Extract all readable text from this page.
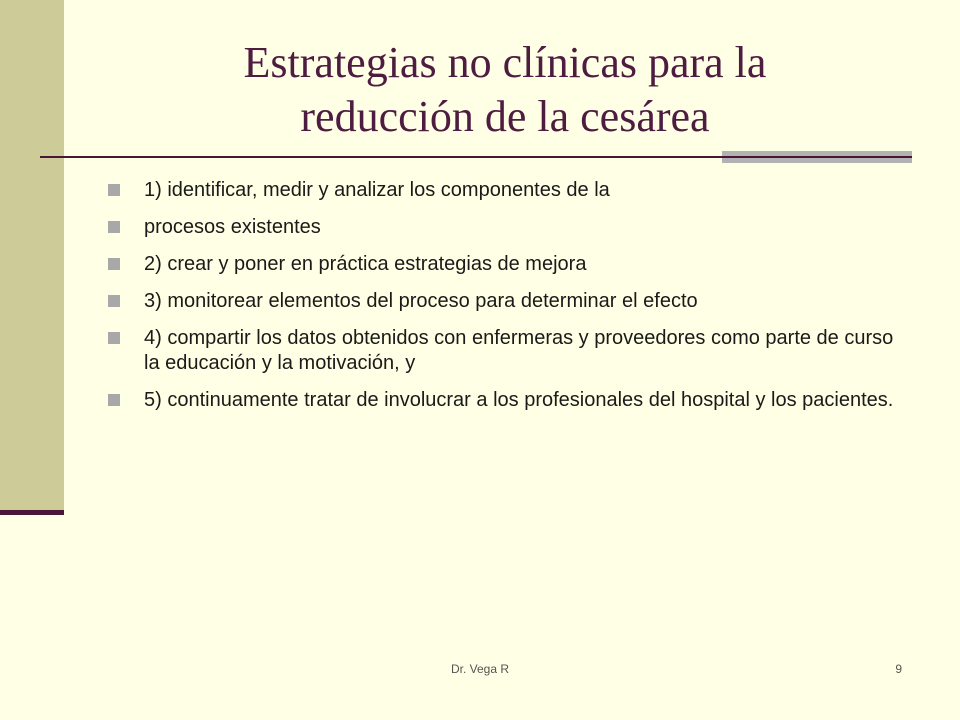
Estrategias no clínicas para la
reducción de la cesárea
1) identificar, medir y analizar los componentes de la
procesos existentes
2) crear y poner en práctica estrategias de mejora
3) monitorear elementos del proceso para determinar el efecto
4) compartir los datos obtenidos con enfermeras y proveedores como parte de curso la educación y la motivación, y
5) continuamente tratar de involucrar a los profesionales del hospital y los pacientes.
Dr. Vega R	9
